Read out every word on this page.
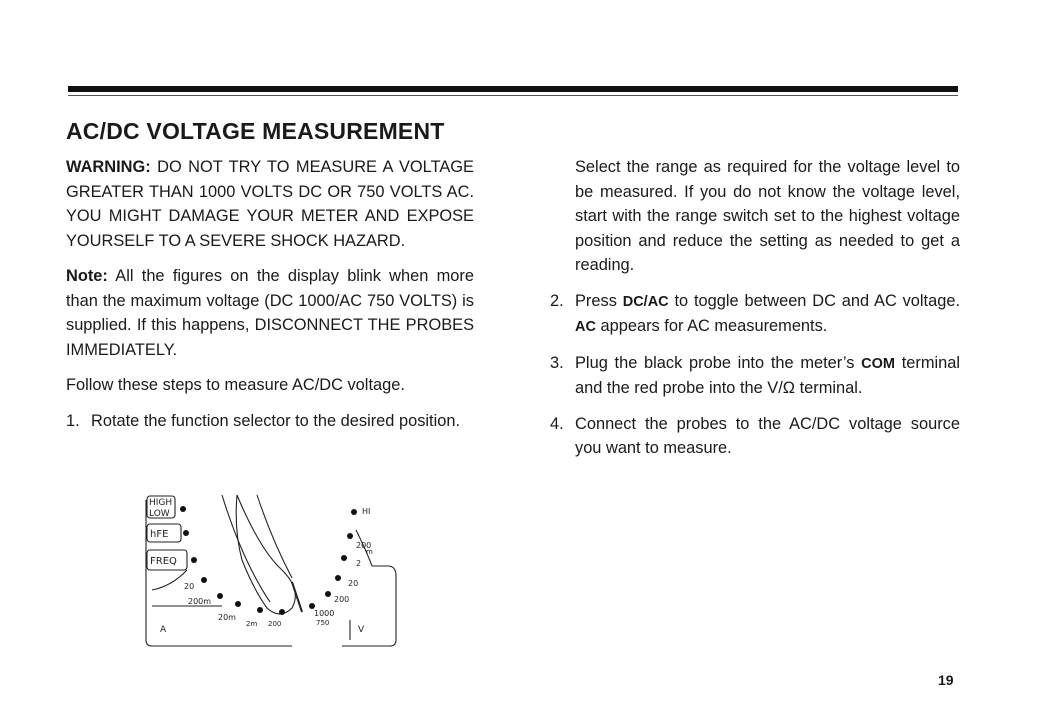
AC/DC VOLTAGE MEASUREMENT

WARNING: DO NOT TRY TO MEASURE A VOLTAGE GREATER THAN 1000 VOLTS DC OR 750 VOLTS AC. YOU MIGHT DAMAGE YOUR METER AND EXPOSE YOURSELF TO A SEVERE SHOCK HAZARD.

Note: All the figures on the display blink when more than the maximum voltage (DC 1000/AC 750 VOLTS) is supplied. If this happens, DISCONNECT THE PROBES IMMEDIATELY.

Follow these steps to measure AC/DC voltage.

1. Rotate the function selector to the desired position.
HIGH
LOW
hFE
FREQ
20
200m
20m
2m 200
A
HI
200
m
2
20
200
1000
750
V

Select the range as required for the voltage level to be measured. If you do not know the voltage level, start with the range switch set to the highest voltage position and reduce the setting as needed to get a reading.

2. Press DC/AC to toggle between DC and AC voltage. AC appears for AC measurements.
3. Plug the black probe into the meter’s COM terminal and the red probe into the V/Ω terminal.
4. Connect the probes to the AC/DC voltage source you want to measure.
19
